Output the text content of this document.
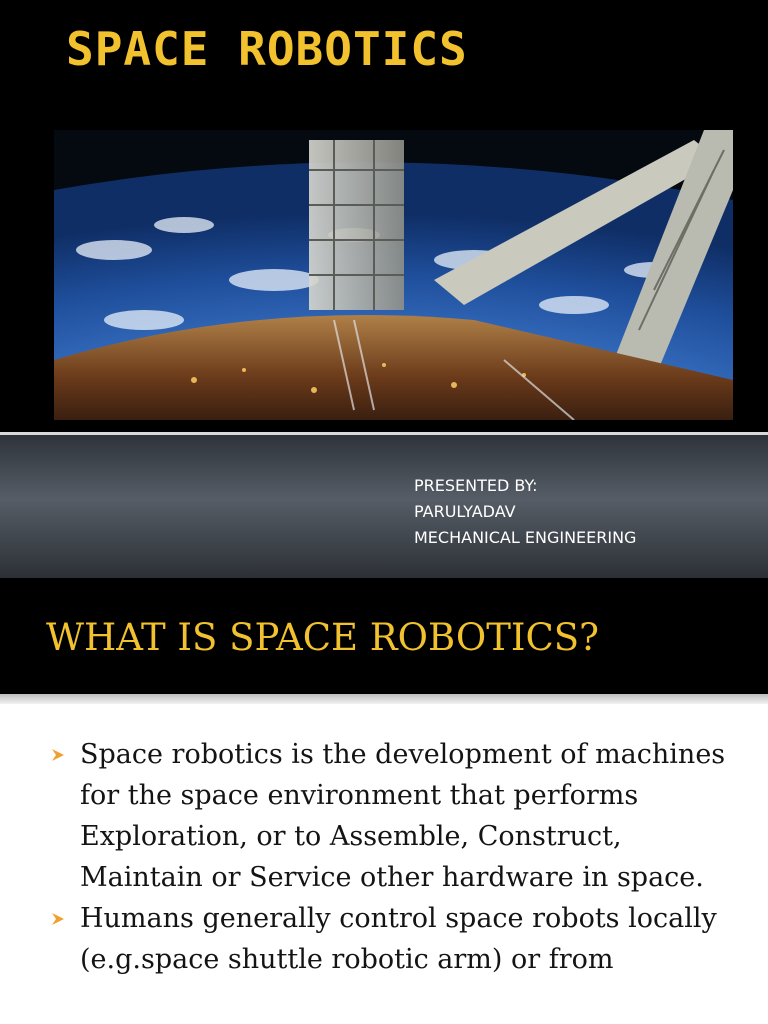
SPACE ROBOTICS
PRESENTED BY:
PARULYADAV
MECHANICAL ENGINEERING
WHAT IS SPACE ROBOTICS?
Space robotics is the development of machines for the space environment that performs Exploration, or to Assemble, Construct, Maintain or Service other hardware in space.
Humans generally control space robots locally (e.g.space shuttle robotic arm) or from
